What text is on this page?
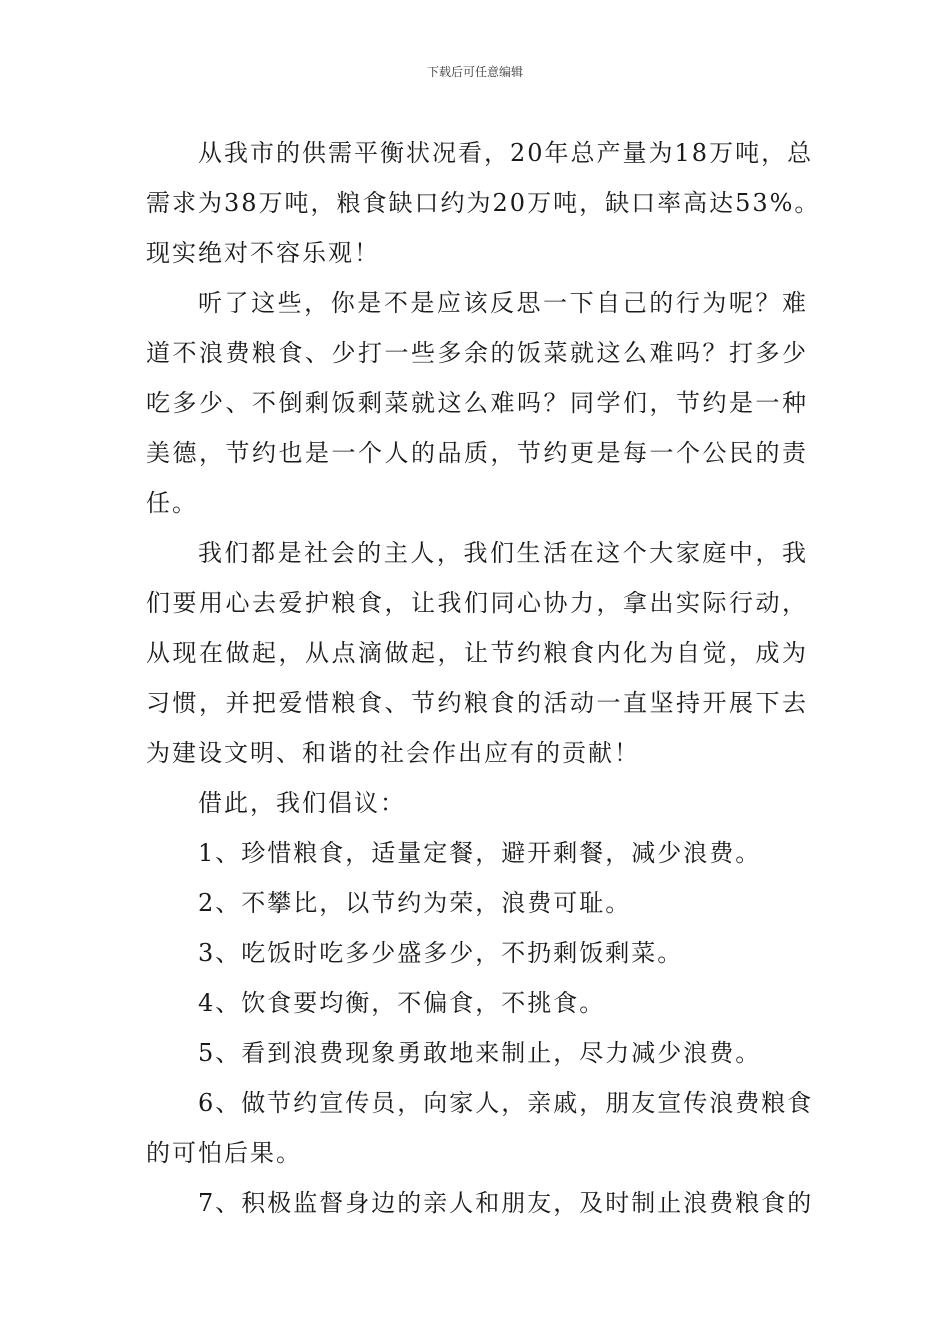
下载后可任意编辑
从我市的供需平衡状况看，20年总产量为18万吨，总
需求为38万吨，粮食缺口约为20万吨，缺口率高达53%。
现实绝对不容乐观！
听了这些，你是不是应该反思一下自己的行为呢？难
道不浪费粮食、少打一些多余的饭菜就这么难吗？打多少
吃多少、不倒剩饭剩菜就这么难吗？同学们，节约是一种
美德，节约也是一个人的品质，节约更是每一个公民的责
任。
我们都是社会的主人，我们生活在这个大家庭中，我
们要用心去爱护粮食，让我们同心协力，拿出实际行动，
从现在做起，从点滴做起，让节约粮食内化为自觉，成为
习惯，并把爱惜粮食、节约粮食的活动一直坚持开展下去
为建设文明、和谐的社会作出应有的贡献！
借此，我们倡议：
1、珍惜粮食，适量定餐，避开剩餐，减少浪费。
2、不攀比，以节约为荣，浪费可耻。
3、吃饭时吃多少盛多少，不扔剩饭剩菜。
4、饮食要均衡，不偏食，不挑食。
5、看到浪费现象勇敢地来制止，尽力减少浪费。
6、做节约宣传员，向家人，亲戚，朋友宣传浪费粮食
的可怕后果。
7、积极监督身边的亲人和朋友，及时制止浪费粮食的
